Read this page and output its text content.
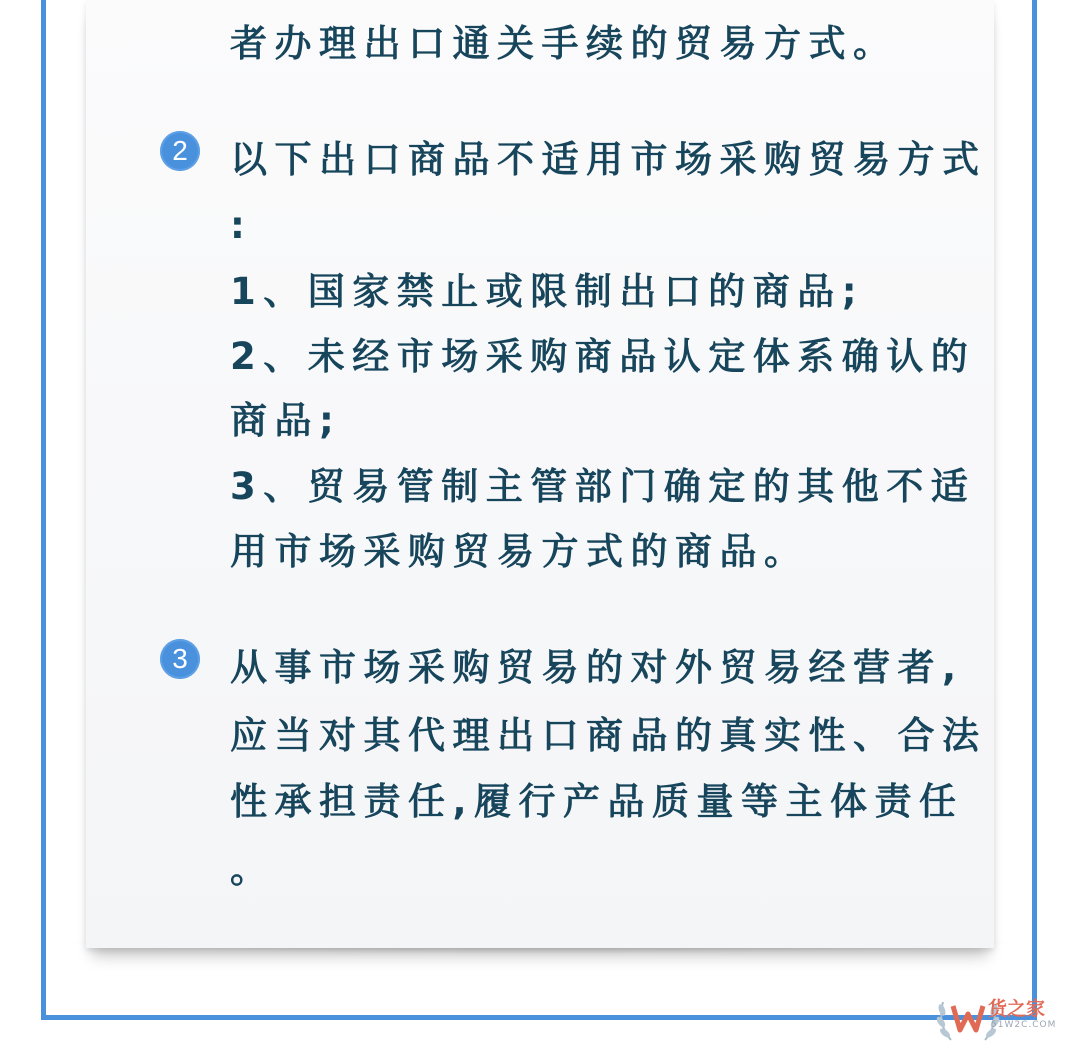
者办理出口通关手续的贸易方式。
2	以下出口商品不适用市场采购贸易方式
:
1、国家禁止或限制出口的商品;
2、未经市场采购商品认定体系确认的
商品;
3、贸易管制主管部门确定的其他不适
用市场采购贸易方式的商品。
3	从事市场采购贸易的对外贸易经营者,
应当对其代理出口商品的真实性、合法
性承担责任,履行产品质量等主体责任
。
货之家
51W2C.COM
